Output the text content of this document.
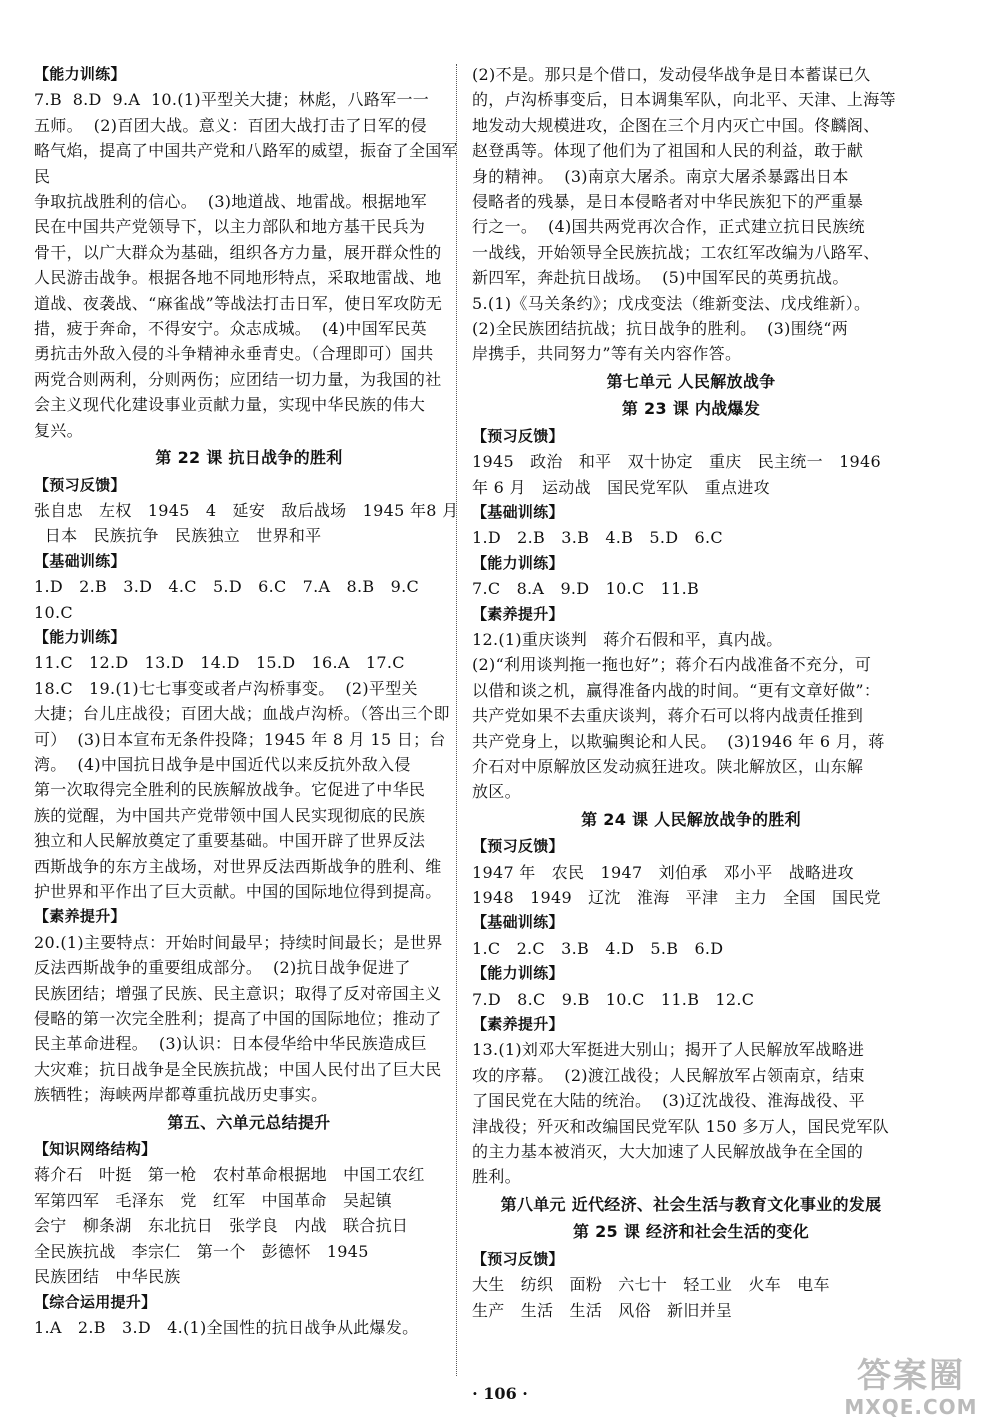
【能力训练】
7.B  8.D  9.A  10.(1)平型关大捷；林彪，八路军一一
五师。  (2)百团大战。意义：百团大战打击了日军的侵
略气焰，提高了中国共产党和八路军的威望，振奋了全国军民
争取抗战胜利的信心。  (3)地道战、地雷战。根据地军
民在中国共产党领导下，以主力部队和地方基干民兵为
骨干，以广大群众为基础，组织各方力量，展开群众性的
人民游击战争。根据各地不同地形特点，采取地雷战、地
道战、夜袭战、“麻雀战”等战法打击日军，使日军攻防无
措，疲于奔命，不得安宁。众志成城。  (4)中国军民英
勇抗击外敌入侵的斗争精神永垂青史。（合理即可）国共
两党合则两利，分则两伤；应团结一切力量，为我国的社
会主义现代化建设事业贡献力量，实现中华民族的伟大
复兴。
第 22 课 抗日战争的胜利
【预习反馈】
张自忠   左权   1945   4   延安   敌后战场   1945 年8 月
日本   民族抗争   民族独立   世界和平
【基础训练】
1.D   2.B   3.D   4.C   5.D   6.C   7.A   8.B   9.C
10.C
【能力训练】
11.C   12.D   13.D   14.D   15.D   16.A   17.C
18.C   19.(1)七七事变或者卢沟桥事变。  (2)平型关
大捷；台儿庄战役；百团大战；血战卢沟桥。（答出三个即
可）  (3)日本宣布无条件投降；1945 年 8 月 15 日；台
湾。  (4)中国抗日战争是中国近代以来反抗外敌入侵
第一次取得完全胜利的民族解放战争。它促进了中华民
族的觉醒，为中国共产党带领中国人民实现彻底的民族
独立和人民解放奠定了重要基础。中国开辟了世界反法
西斯战争的东方主战场，对世界反法西斯战争的胜利、维
护世界和平作出了巨大贡献。中国的国际地位得到提高。
【素养提升】
20.(1)主要特点：开始时间最早；持续时间最长；是世界
反法西斯战争的重要组成部分。  (2)抗日战争促进了
民族团结；增强了民族、民主意识；取得了反对帝国主义
侵略的第一次完全胜利；提高了中国的国际地位；推动了
民主革命进程。  (3)认识：日本侵华给中华民族造成巨
大灾难；抗日战争是全民族抗战；中国人民付出了巨大民
族牺牲；海峡两岸都尊重抗战历史事实。
第五、六单元总结提升
【知识网络结构】
蒋介石   叶挺   第一枪   农村革命根据地   中国工农红
军第四军   毛泽东   党   红军   中国革命   吴起镇
会宁   柳条湖   东北抗日   张学良   内战   联合抗日
全民族抗战   李宗仁   第一个   彭德怀   1945
民族团结   中华民族
【综合运用提升】
1.A   2.B   3.D   4.(1)全国性的抗日战争从此爆发。
(2)不是。那只是个借口，发动侵华战争是日本蓄谋已久
的，卢沟桥事变后，日本调集军队，向北平、天津、上海等
地发动大规模进攻，企图在三个月内灭亡中国。佟麟阁、
赵登禹等。体现了他们为了祖国和人民的利益，敢于献
身的精神。  (3)南京大屠杀。南京大屠杀暴露出日本
侵略者的残暴，是日本侵略者对中华民族犯下的严重暴
行之一。  (4)国共两党再次合作，正式建立抗日民族统
一战线，开始领导全民族抗战；工农红军改编为八路军、
新四军，奔赴抗日战场。  (5)中国军民的英勇抗战。
5.(1)《马关条约》；戊戌变法（维新变法、戊戌维新）。
(2)全民族团结抗战；抗日战争的胜利。  (3)围绕“两
岸携手，共同努力”等有关内容作答。
第七单元 人民解放战争
第 23 课 内战爆发
【预习反馈】
1945   政治   和平   双十协定   重庆   民主统一   1946
年 6 月   运动战   国民党军队   重点进攻
【基础训练】
1.D   2.B   3.B   4.B   5.D   6.C
【能力训练】
7.C   8.A   9.D   10.C   11.B
【素养提升】
12.(1)重庆谈判   蒋介石假和平，真内战。
(2)“利用谈判拖一拖也好”；蒋介石内战准备不充分，可
以借和谈之机，赢得准备内战的时间。“更有文章好做”：
共产党如果不去重庆谈判，蒋介石可以将内战责任推到
共产党身上，以欺骗舆论和人民。  (3)1946 年 6 月，蒋
介石对中原解放区发动疯狂进攻。陕北解放区，山东解
放区。
第 24 课 人民解放战争的胜利
【预习反馈】
1947 年   农民   1947   刘伯承   邓小平   战略进攻
1948   1949   辽沈   淮海   平津   主力   全国   国民党
【基础训练】
1.C   2.C   3.B   4.D   5.B   6.D
【能力训练】
7.D   8.C   9.B   10.C   11.B   12.C
【素养提升】
13.(1)刘邓大军挺进大别山；揭开了人民解放军战略进
攻的序幕。  (2)渡江战役；人民解放军占领南京，结束
了国民党在大陆的统治。  (3)辽沈战役、淮海战役、平
津战役；歼灭和改编国民党军队 150 多万人，国民党军队
的主力基本被消灭，大大加速了人民解放战争在全国的
胜利。
第八单元 近代经济、社会生活与教育文化事业的发展
第 25 课 经济和社会生活的变化
【预习反馈】
大生   纺织   面粉   六七十   轻工业   火车   电车
生产   生活   生活   风俗   新旧并呈
· 106 ·	答案圈
MXQE.COM
